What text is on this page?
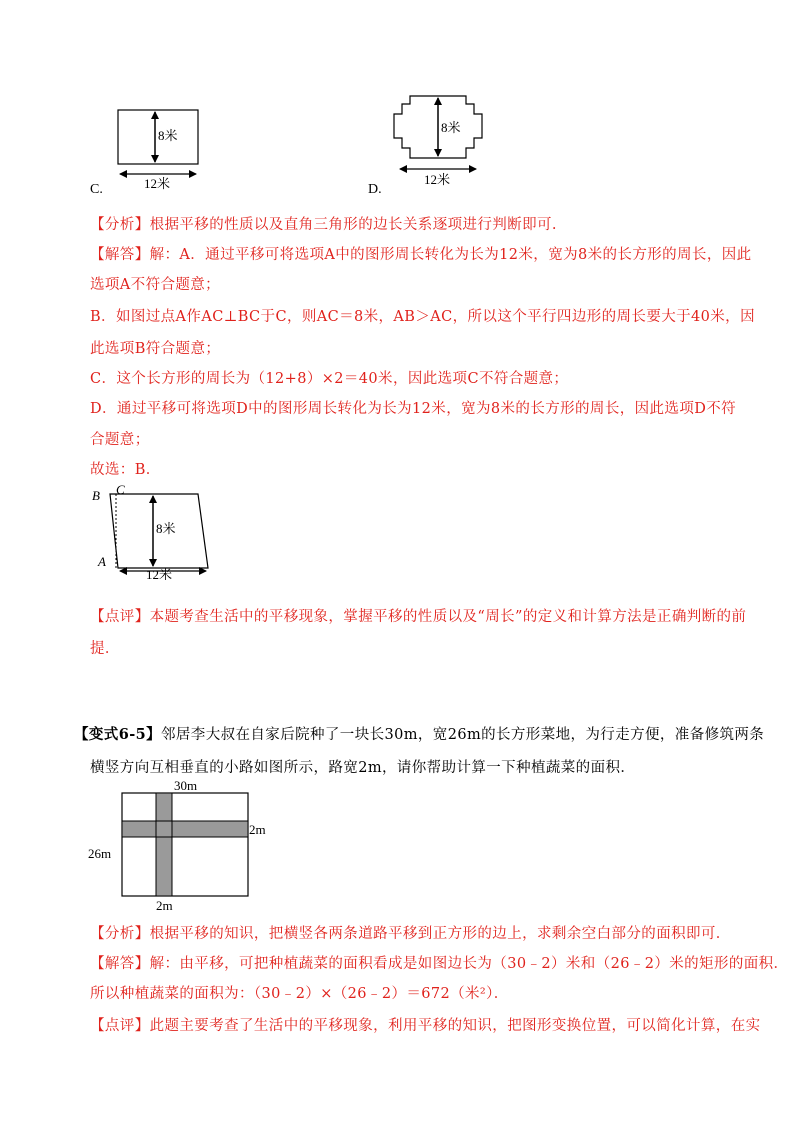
C.
8米
12米	D.
8米
12米
【分析】根据平移的性质以及直角三角形的边长关系逐项进行判断即可.
【解答】解：A．通过平移可将选项A中的图形周长转化为长为12米，宽为8米的长方形的周长，因此
选项A不符合题意；
B．如图过点A作AC⊥BC于C，则AC＝8米，AB＞AC，所以这个平行四边形的周长要大于40米，因
此选项B符合题意；
C．这个长方形的周长为（12+8）×2＝40米，因此选项C不符合题意；
D．通过平移可将选项D中的图形周长转化为长为12米，宽为8米的长方形的周长，因此选项D不符
合题意；
故选：B．
B C
A
8米
12米
【点评】本题考查生活中的平移现象，掌握平移的性质以及“周长”的定义和计算方法是正确判断的前
提．
【变式6-5】邻居李大叔在自家后院种了一块长30m，宽26m的长方形菜地，为行走方便，准备修筑两条
横竖方向互相垂直的小路如图所示，路宽2m，请你帮助计算一下种植蔬菜的面积．
30m
2m
26m
2m
【分析】根据平移的知识，把横竖各两条道路平移到正方形的边上，求剩余空白部分的面积即可．
【解答】解：由平移，可把种植蔬菜的面积看成是如图边长为（30﹣2）米和（26﹣2）米的矩形的面积．
所以种植蔬菜的面积为：（30﹣2）×（26﹣2）＝672（米²）．
【点评】此题主要考查了生活中的平移现象，利用平移的知识，把图形变换位置，可以简化计算，在实
